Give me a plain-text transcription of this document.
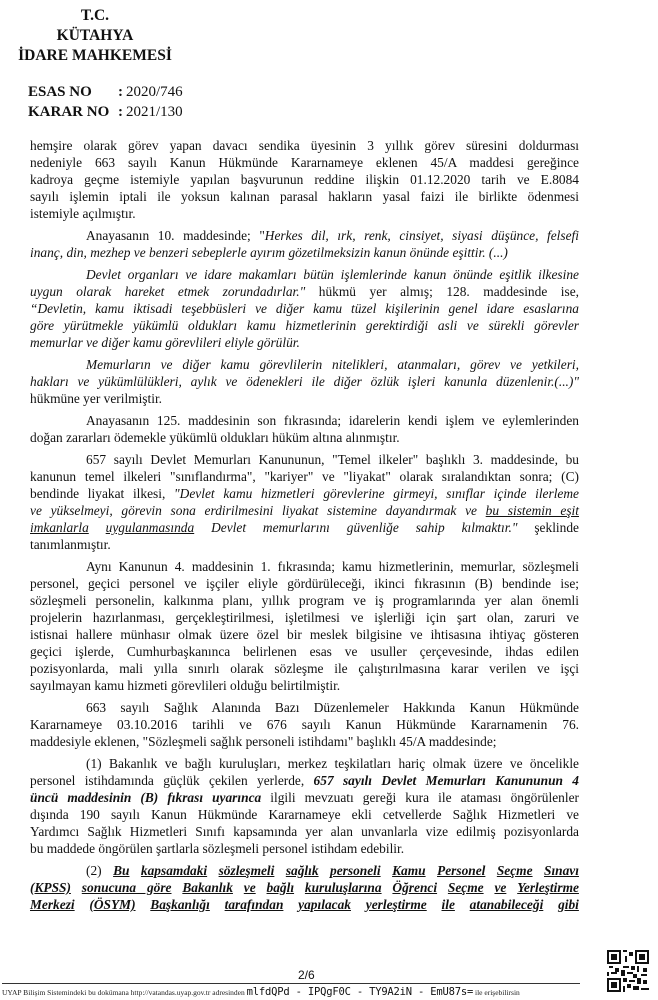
T.C.
KÜTAHYA
İDARE MAHKEMESİ
ESAS NO	: 2020/746
KARAR NO : 2021/130
hemşire olarak görev yapan davacı sendika üyesinin 3 yıllık görev süresini doldurması
nedeniyle 663 sayılı Kanun Hükmünde Kararnameye eklenen 45/A maddesi gereğince
kadroya geçme istemiyle yapılan başvurunun reddine ilişkin 01.12.2020 tarih ve E.8084
sayılı işlemin iptali ile yoksun kalınan parasal hakların yasal faizi ile birlikte ödenmesi
istemiyle açılmıştır.
Anayasanın 10. maddesinde; "Herkes dil, ırk, renk, cinsiyet, siyasi düşünce, felsefi
inanç, din, mezhep ve benzeri sebeplerle ayırım gözetilmeksizin kanun önünde eşittir. (...)
Devlet organları ve idare makamları bütün işlemlerinde kanun önünde eşitlik ilkesine
uygun olarak hareket etmek zorundadırlar." hükmü yer almış; 128. maddesinde ise,
“Devletin, kamu iktisadi teşebbüsleri ve diğer kamu tüzel kişilerinin genel idare esaslarına
göre yürütmekle yükümlü oldukları kamu hizmetlerinin gerektirdiği asli ve sürekli görevler
memurlar ve diğer kamu görevlileri eliyle görülür.
Memurların ve diğer kamu görevlilerin nitelikleri, atanmaları, görev ve yetkileri,
hakları ve yükümlülükleri, aylık ve ödenekleri ile diğer özlük işleri kanunla düzenlenir.(...)"
hükmüne yer verilmiştir.
Anayasanın 125. maddesinin son fıkrasında; idarelerin kendi işlem ve eylemlerinden
doğan zararları ödemekle yükümlü oldukları hüküm altına alınmıştır.
657 sayılı Devlet Memurları Kanununun, "Temel ilkeler" başlıklı 3. maddesinde, bu
kanunun temel ilkeleri "sınıflandırma", "kariyer" ve "liyakat" olarak sıralandıktan sonra; (C)
bendinde liyakat ilkesi, "Devlet kamu hizmetleri görevlerine girmeyi, sınıflar içinde ilerleme
ve yükselmeyi, görevin sona erdirilmesini liyakat sistemine dayandırmak ve bu sistemin eşit
imkanlarla uygulanmasında Devlet memurlarını güvenliğe sahip kılmaktır." şeklinde
tanımlanmıştır.
Aynı Kanunun 4. maddesinin 1. fıkrasında; kamu hizmetlerinin, memurlar, sözleşmeli
personel, geçici personel ve işçiler eliyle gördürüleceği, ikinci fıkrasının (B) bendinde ise;
sözleşmeli personelin, kalkınma planı, yıllık program ve iş programlarında yer alan önemli
projelerin hazırlanması, gerçekleştirilmesi, işletilmesi ve işlerliği için şart olan, zaruri ve
istisnai hallere münhasır olmak üzere özel bir meslek bilgisine ve ihtisasına ihtiyaç gösteren
geçici işlerde, Cumhurbaşkanınca belirlenen esas ve usuller çerçevesinde, ihdas edilen
pozisyonlarda, mali yılla sınırlı olarak sözleşme ile çalıştırılmasına karar verilen ve işçi
sayılmayan kamu hizmeti görevlileri olduğu belirtilmiştir.
663 sayılı Sağlık Alanında Bazı Düzenlemeler Hakkında Kanun Hükmünde
Kararnameye 03.10.2016 tarihli ve 676 sayılı Kanun Hükmünde Kararnamenin 76.
maddesiyle eklenen, "Sözleşmeli sağlık personeli istihdamı" başlıklı 45/A maddesinde;
(1) Bakanlık ve bağlı kuruluşları, merkez teşkilatları hariç olmak üzere ve öncelikle
personel istihdamında güçlük çekilen yerlerde, 657 sayılı Devlet Memurları Kanununun 4
üncü maddesinin (B) fıkrası uyarınca ilgili mevzuatı gereği kura ile ataması öngörülenler
dışında 190 sayılı Kanun Hükmünde Kararnameye ekli cetvellerde Sağlık Hizmetleri ve
Yardımcı Sağlık Hizmetleri Sınıfı kapsamında yer alan unvanlarla vize edilmiş pozisyonlarda
bu maddede öngörülen şartlarla sözleşmeli personel istihdam edebilir.
(2) Bu kapsamdaki sözleşmeli sağlık personeli Kamu Personel Seçme Sınavı
(KPSS) sonucuna göre Bakanlık ve bağlı kuruluşlarına Öğrenci Seçme ve Yerleştirme
Merkezi (ÖSYM) Başkanlığı tarafından yapılacak yerleştirme ile atanabileceği gibi
2/6
UYAP Bilişim Sistemindeki bu dokümana http://vatandas.uyap.gov.tr adresinden mlfdQPd - IPQgF0C - TY9A2iN - EmU87s= ile erişebilirsin
